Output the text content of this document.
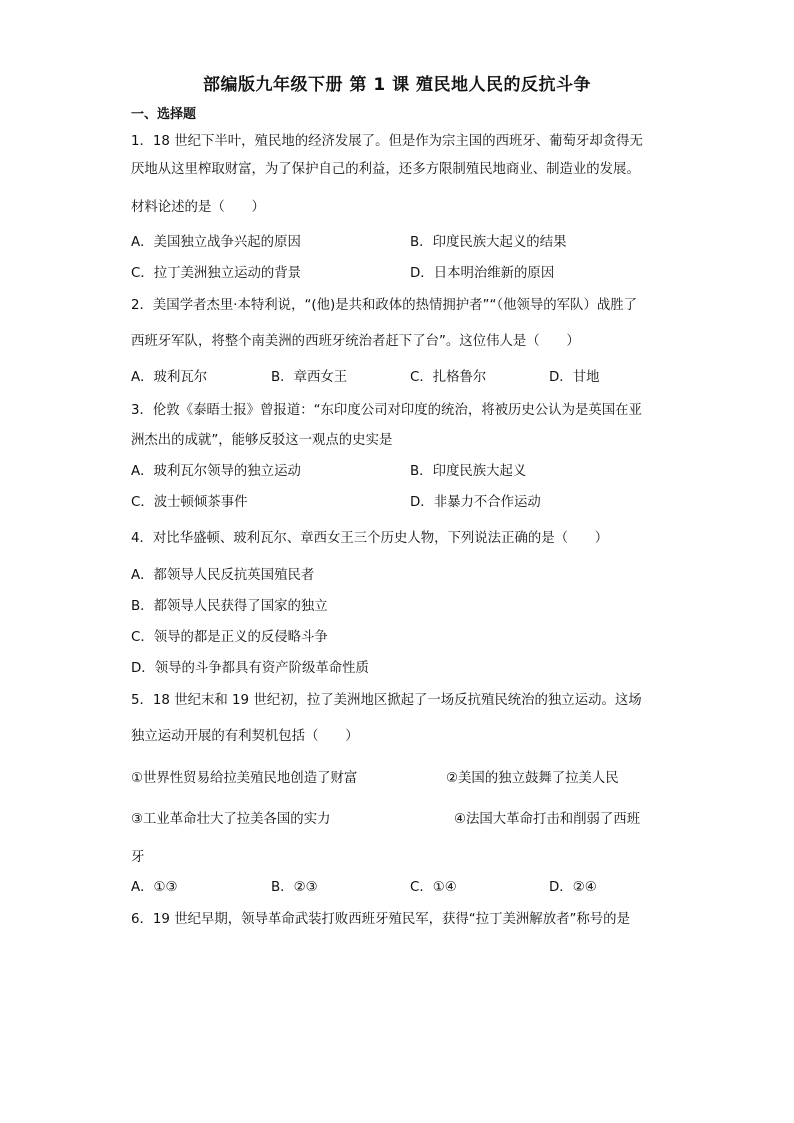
部编版九年级下册 第 1 课 殖民地人民的反抗斗争
一、选择题
1．18 世纪下半叶，殖民地的经济发展了。但是作为宗主国的西班牙、葡萄牙却贪得无
厌地从这里榨取财富，为了保护自己的利益，还多方限制殖民地商业、制造业的发展。
材料论述的是（　　）
A．美国独立战争兴起的原因	B．印度民族大起义的结果
C．拉丁美洲独立运动的背景	D．日本明治维新的原因
2．美国学者杰里·本特利说，“(他)是共和政体的热情拥护者”“（他领导的军队）战胜了
西班牙军队，将整个南美洲的西班牙统治者赶下了台”。这位伟人是（　　）
A．玻利瓦尔	B．章西女王	C．扎格鲁尔	D．甘地
3．伦敦《泰晤士报》曾报道：“东印度公司对印度的统治，将被历史公认为是英国在亚
洲杰出的成就”，能够反驳这一观点的史实是
A．玻利瓦尔领导的独立运动	B．印度民族大起义
C．波士顿倾茶事件	D．非暴力不合作运动
4．对比华盛顿、玻利瓦尔、章西女王三个历史人物，下列说法正确的是（　　）
A．都领导人民反抗英国殖民者
B．都领导人民获得了国家的独立
C．领导的都是正义的反侵略斗争
D．领导的斗争都具有资产阶级革命性质
5．18 世纪末和 19 世纪初，拉了美洲地区掀起了一场反抗殖民统治的独立运动。这场
独立运动开展的有利契机包括（　　）
①世界性贸易给拉美殖民地创造了财富	②美国的独立鼓舞了拉美人民
③工业革命壮大了拉美各国的实力	④法国大革命打击和削弱了西班
牙
A．①③	B．②③	C．①④	D．②④
6．19 世纪早期，领导革命武装打败西班牙殖民军，获得“拉丁美洲解放者”称号的是
